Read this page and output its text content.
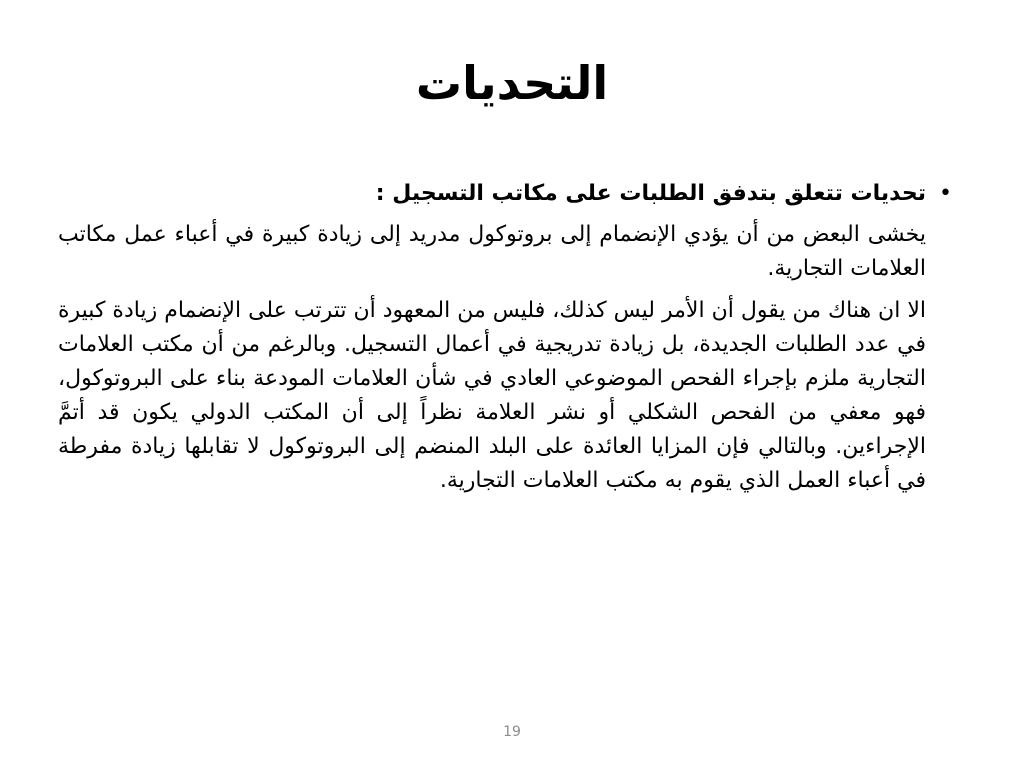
التحديات
•
تحديات تتعلق بتدفق الطلبات على مكاتب التسجيل :

يخشى البعض من أن يؤدي الإنضمام إلى بروتوكول مدريد إلى زيادة كبيرة في أعباء عمل مكاتب العلامات التجارية.

الا ان هناك من يقول أن الأمر ليس كذلك، فليس من المعهود أن تترتب على الإنضمام زيادة كبيرة في عدد الطلبات الجديدة، بل زيادة تدريجية في أعمال التسجيل. وبالرغم من أن مكتب العلامات التجارية ملزم بإجراء الفحص الموضوعي العادي في شأن العلامات المودعة بناء على البروتوكول، فهو معفي من الفحص الشكلي أو نشر العلامة نظراً إلى أن المكتب الدولي يكون قد أتمَّ الإجراءين. وبالتالي فإن المزايا العائدة على البلد المنضم إلى البروتوكول لا تقابلها زيادة مفرطة في أعباء العمل الذي يقوم به مكتب العلامات التجارية.

19
